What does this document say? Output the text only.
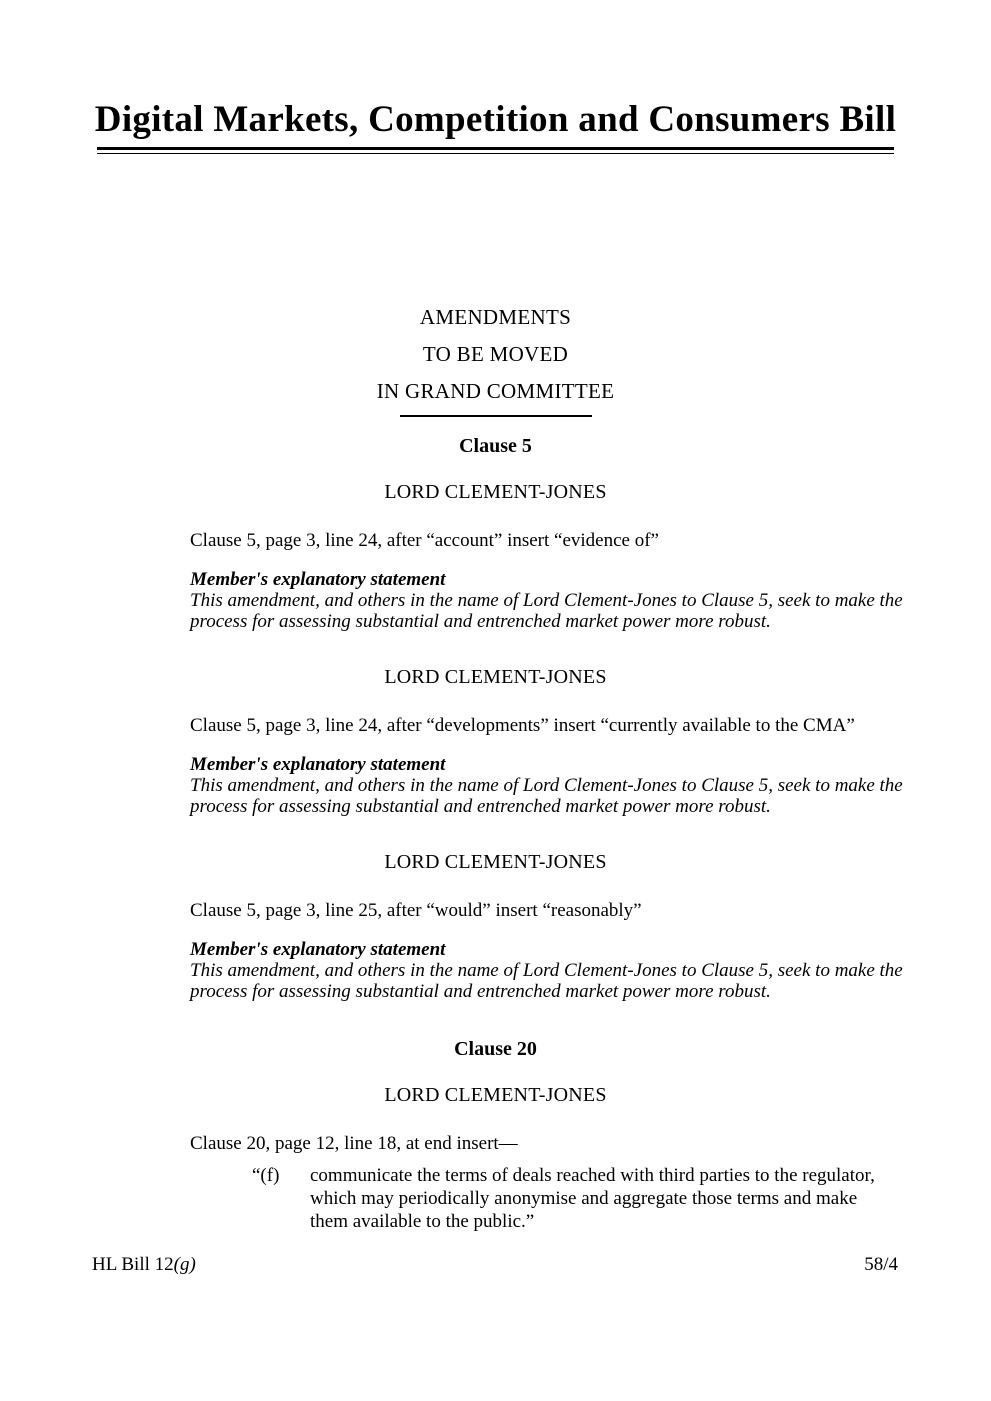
Digital Markets, Competition and Consumers Bill
AMENDMENTS
TO BE MOVED
IN GRAND COMMITTEE
Clause 5
LORD CLEMENT-JONES
Clause 5, page 3, line 24, after “account” insert “evidence of”
Member's explanatory statement
This amendment, and others in the name of Lord Clement-Jones to Clause 5, seek to make the
process for assessing substantial and entrenched market power more robust.
LORD CLEMENT-JONES
Clause 5, page 3, line 24, after “developments” insert “currently available to the CMA”
Member's explanatory statement
This amendment, and others in the name of Lord Clement-Jones to Clause 5, seek to make the
process for assessing substantial and entrenched market power more robust.
LORD CLEMENT-JONES
Clause 5, page 3, line 25, after “would” insert “reasonably”
Member's explanatory statement
This amendment, and others in the name of Lord Clement-Jones to Clause 5, seek to make the
process for assessing substantial and entrenched market power more robust.
Clause 20
LORD CLEMENT-JONES
Clause 20, page 12, line 18, at end insert—
“(f)	communicate the terms of deals reached with third parties to the regulator,
which may periodically anonymise and aggregate those terms and make
them available to the public.”
HL Bill 12(g)	58/4
